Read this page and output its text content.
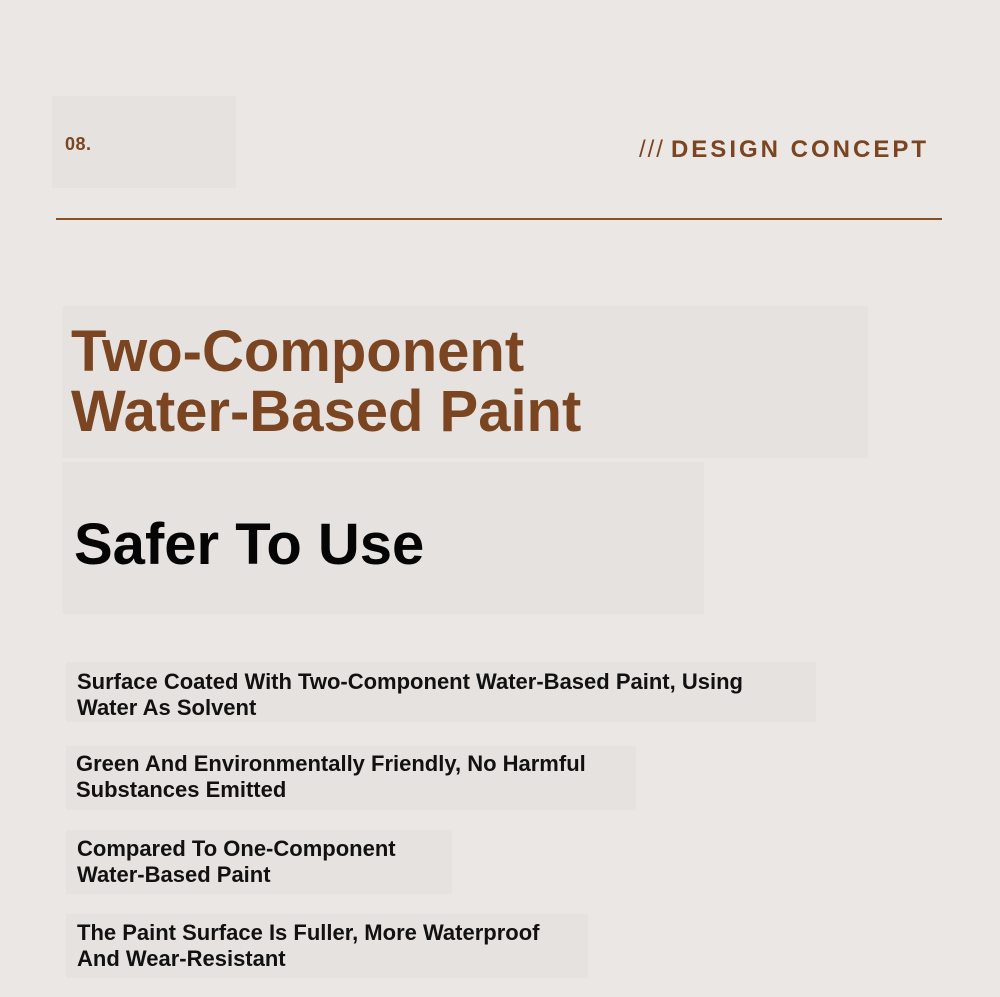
08.	/// DESIGN CONCEPT
Two-Component
Water-Based Paint
Safer To Use

Surface Coated With Two-Component Water-Based Paint, Using
Water As Solvent

Green And Environmentally Friendly, No Harmful
Substances Emitted

Compared To One-Component
Water-Based Paint

The Paint Surface Is Fuller, More Waterproof
And Wear-Resistant
